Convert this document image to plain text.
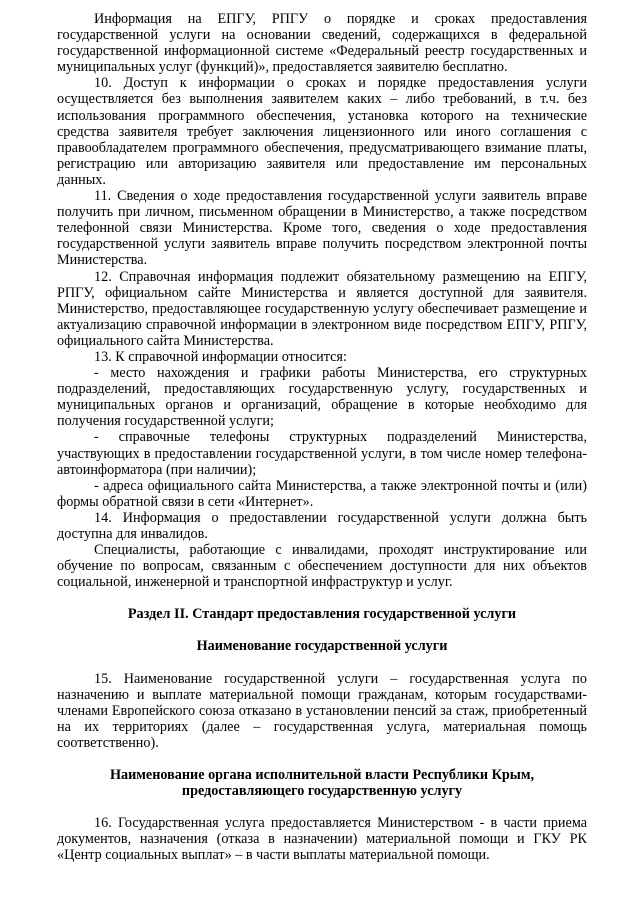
Информация на ЕПГУ, РПГУ о порядке и сроках предоставления государственной услуги на основании сведений, содержащихся в федеральной государственной информационной системе «Федеральный реестр государственных и муниципальных услуг (функций)», предоставляется заявителю бесплатно.

10. Доступ к информации о сроках и порядке предоставления услуги осуществляется без выполнения заявителем каких – либо требований, в т.ч. без использования программного обеспечения, установка которого на технические средства заявителя требует заключения лицензионного или иного соглашения с правообладателем программного обеспечения, предусматривающего взимание платы, регистрацию или авторизацию заявителя или предоставление им персональных данных.

11. Сведения о ходе предоставления государственной услуги заявитель вправе получить при личном, письменном обращении в Министерство, а также посредством телефонной связи Министерства. Кроме того, сведения о ходе предоставления государственной услуги заявитель вправе получить посредством электронной почты Министерства.

12. Справочная информация подлежит обязательному размещению на ЕПГУ, РПГУ, официальном сайте Министерства и является доступной для заявителя. Министерство, предоставляющее государственную услугу обеспечивает размещение и актуализацию справочной информации в электронном виде посредством ЕПГУ, РПГУ, официального сайта Министерства.

13. К справочной информации относится:

- место нахождения и графики работы Министерства, его структурных подразделений, предоставляющих государственную услугу, государственных и муниципальных органов и организаций, обращение в которые необходимо для получения государственной услуги;

- справочные телефоны структурных подразделений Министерства, участвующих в предоставлении государственной услуги, в том числе номер телефона-автоинформатора (при наличии);

- адреса официального сайта Министерства, а также электронной почты и (или) формы обратной связи в сети «Интернет».

14. Информация о предоставлении государственной услуги должна быть доступна для инвалидов.

Специалисты, работающие с инвалидами, проходят инструктирование или обучение по вопросам, связанным с обеспечением доступности для них объектов социальной, инженерной и транспортной инфраструктур и услуг.

Раздел II. Стандарт предоставления государственной услуги

Наименование государственной услуги

15. Наименование государственной услуги – государственная услуга по назначению и выплате материальной помощи гражданам, которым государствами-членами Европейского союза отказано в установлении пенсий за стаж, приобретенный на их территориях (далее – государственная услуга, материальная помощь соответственно).

Наименование органа исполнительной власти Республики Крым,

предоставляющего государственную услугу

16. Государственная услуга предоставляется Министерством - в части приема документов, назначения (отказа в назначении) материальной помощи и ГКУ РК «Центр социальных выплат» – в части выплаты материальной помощи.
